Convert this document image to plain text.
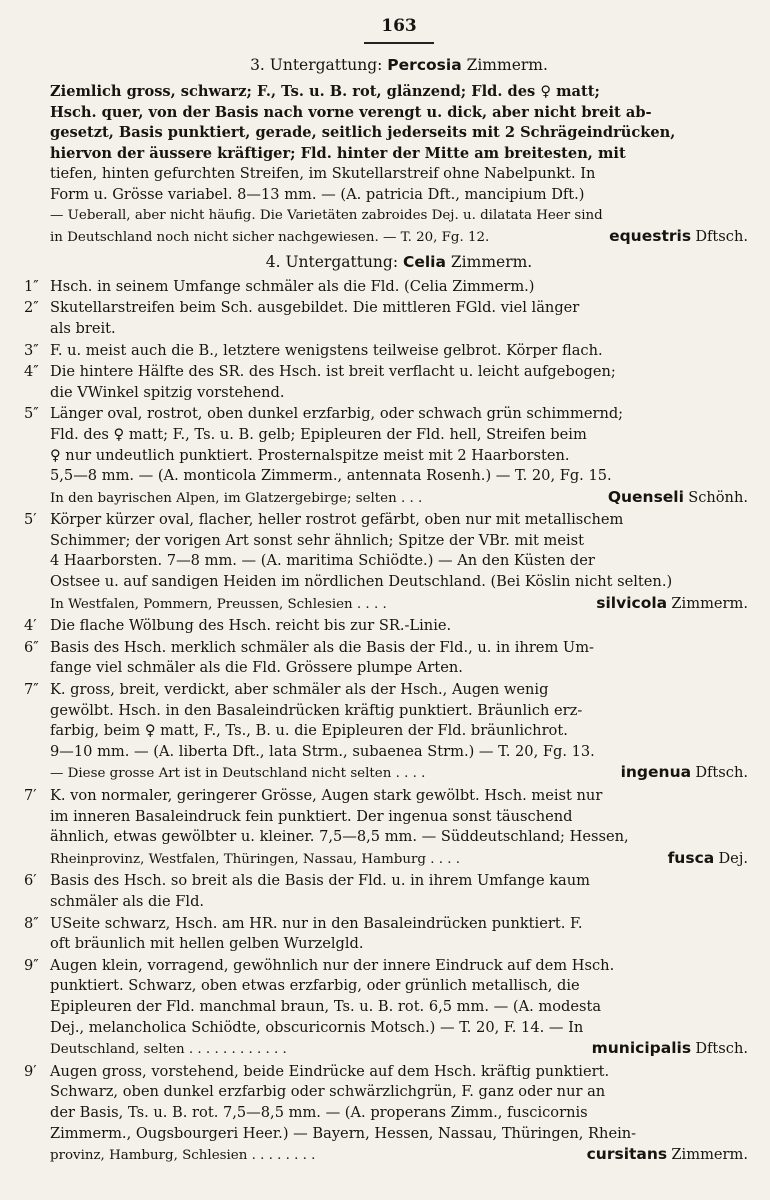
163
3. Untergattung: Percosia Zimmerm.
Ziemlich gross, schwarz; F., Ts. u. B. rot, glänzend; Fld. des ♀ matt;
Hsch. quer, von der Basis nach vorne verengt u. dick, aber nicht breit ab-
gesetzt, Basis punktiert, gerade, seitlich jederseits mit 2 Schrägeindrücken,
hiervon der äussere kräftiger; Fld. hinter der Mitte am breitesten, mit
tiefen, hinten gefurchten Streifen, im Skutellarstreif ohne Nabelpunkt. In
Form u. Grösse variabel. 8—13 mm. — (A. patricia Dft., mancipium Dft.)
— Ueberall, aber nicht häufig. Die Varietäten zabroides Dej. u. dilatata Heer sind
in Deutschland noch nicht sicher nachgewiesen. — T. 20, Fg. 12.	equestris Dftsch.
4. Untergattung: Celia Zimmerm.
1″ Hsch. in seinem Umfange schmäler als die Fld. (Celia Zimmerm.)
2″ Skutellarstreifen beim Sch. ausgebildet. Die mittleren FGld. viel länger
als breit.
3″ F. u. meist auch die B., letztere wenigstens teilweise gelbrot. Körper flach.
4″ Die hintere Hälfte des SR. des Hsch. ist breit verflacht u. leicht aufgebogen;
die VWinkel spitzig vorstehend.
5″ Länger oval, rostrot, oben dunkel erzfarbig, oder schwach grün schimmernd;
Fld. des ♀ matt; F., Ts. u. B. gelb; Epipleuren der Fld. hell, Streifen beim
♀ nur undeutlich punktiert. Prosternalspitze meist mit 2 Haarborsten.
5,5—8 mm. — (A. monticola Zimmerm., antennata Rosenh.) — T. 20, Fg. 15.
In den bayrischen Alpen, im Glatzergebirge; selten . . .	Quenseli Schönh.
5′ Körper kürzer oval, flacher, heller rostrot gefärbt, oben nur mit metallischem
Schimmer; der vorigen Art sonst sehr ähnlich; Spitze der VBr. mit meist
4 Haarborsten. 7—8 mm. — (A. maritima Schiödte.) — An den Küsten der
Ostsee u. auf sandigen Heiden im nördlichen Deutschland. (Bei Köslin nicht selten.)
In Westfalen, Pommern, Preussen, Schlesien . . . .	silvicola Zimmerm.
4′ Die flache Wölbung des Hsch. reicht bis zur SR.-Linie.
6″ Basis des Hsch. merklich schmäler als die Basis der Fld., u. in ihrem Um-
fange viel schmäler als die Fld. Grössere plumpe Arten.
7″ K. gross, breit, verdickt, aber schmäler als der Hsch., Augen wenig
gewölbt. Hsch. in den Basaleindrücken kräftig punktiert. Bräunlich erz-
farbig, beim ♀ matt, F., Ts., B. u. die Epipleuren der Fld. bräunlichrot.
9—10 mm. — (A. liberta Dft., lata Strm., subaenea Strm.) — T. 20, Fg. 13.
— Diese grosse Art ist in Deutschland nicht selten . . . .	ingenua Dftsch.
7′ K. von normaler, geringerer Grösse, Augen stark gewölbt. Hsch. meist nur
im inneren Basaleindruck fein punktiert. Der ingenua sonst täuschend
ähnlich, etwas gewölbter u. kleiner. 7,5—8,5 mm. — Süddeutschland; Hessen,
Rheinprovinz, Westfalen, Thüringen, Nassau, Hamburg . . . .	fusca Dej.
6′ Basis des Hsch. so breit als die Basis der Fld. u. in ihrem Umfange kaum
schmäler als die Fld.
8″ USeite schwarz, Hsch. am HR. nur in den Basaleindrücken punktiert. F.
oft bräunlich mit hellen gelben Wurzelgld.
9″ Augen klein, vorragend, gewöhnlich nur der innere Eindruck auf dem Hsch.
punktiert. Schwarz, oben etwas erzfarbig, oder grünlich metallisch, die
Epipleuren der Fld. manchmal braun, Ts. u. B. rot. 6,5 mm. — (A. modesta
Dej., melancholica Schiödte, obscuricornis Motsch.) — T. 20, F. 14. — In
Deutschland, selten . . . . . . . . . . . .	municipalis Dftsch.
9′ Augen gross, vorstehend, beide Eindrücke auf dem Hsch. kräftig punktiert.
Schwarz, oben dunkel erzfarbig oder schwärzlichgrün, F. ganz oder nur an
der Basis, Ts. u. B. rot. 7,5—8,5 mm. — (A. properans Zimm., fuscicornis
Zimmerm., Ougsbourgeri Heer.) — Bayern, Hessen, Nassau, Thüringen, Rhein-
provinz, Hamburg, Schlesien . . . . . . . .	cursitans Zimmerm.
